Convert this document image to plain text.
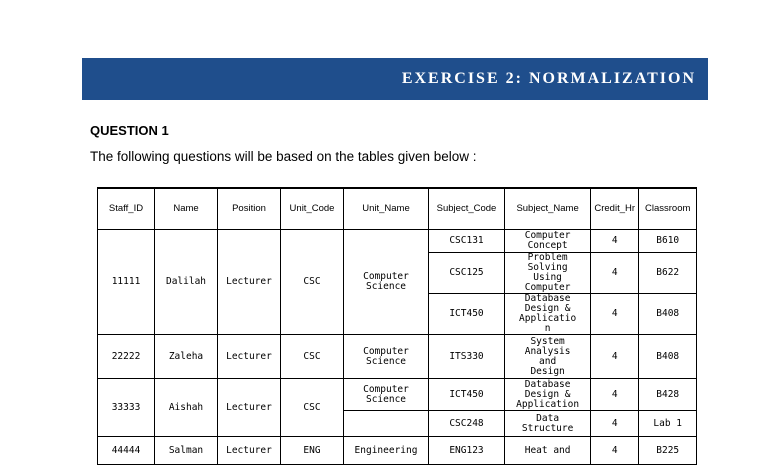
EXERCISE 2: NORMALIZATION
QUESTION 1
The following questions will be based on the tables given below :
Staff_ID	Name	Position	Unit_Code	Unit_Name	Subject_Code	Subject_Name	Credit_Hr	Classroom
11111	Dalilah	Lecturer	CSC	Computer Science	CSC131	Computer Concept	4	B610
					CSC125	Problem Solving Using Computer	4	B622
					ICT450	Database Design & Applicatio n	4	B408
22222	Zaleha	Lecturer	CSC	Computer Science	ITS330	System Analysis and Design	4	B408
33333	Aishah	Lecturer	CSC	Computer Science	ICT450	Database Design & Application	4	B428
					CSC248	Data Structure	4	Lab 1
44444	Salman	Lecturer	ENG	Engineering	ENG123	Heat and	4	B225
